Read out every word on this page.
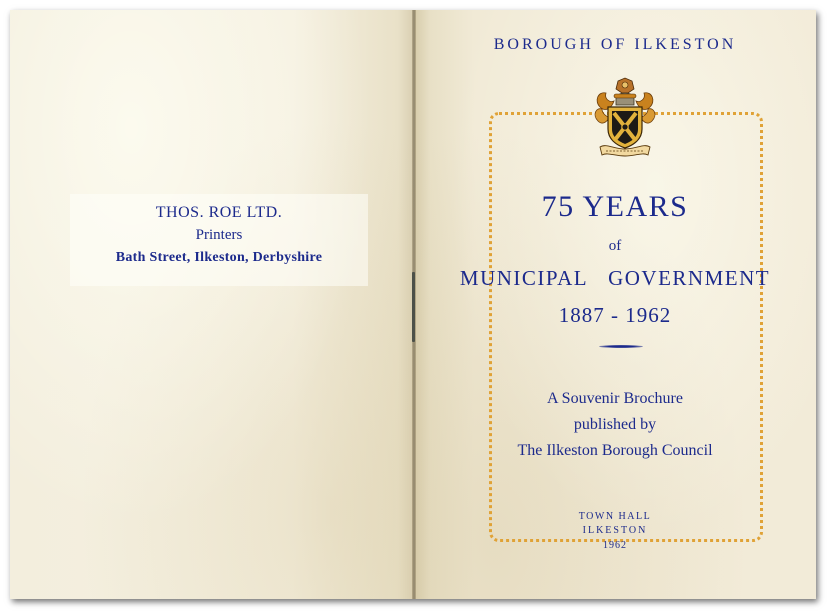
THOS. ROE LTD.
Printers
Bath Street, Ilkeston, Derbyshire
BOROUGH OF ILKESTON
75 YEARS
of
MUNICIPAL GOVERNMENT
1887 - 1962
A Souvenir Brochure
published by
The Ilkeston Borough Council
TOWN HALL
ILKESTON
1962
